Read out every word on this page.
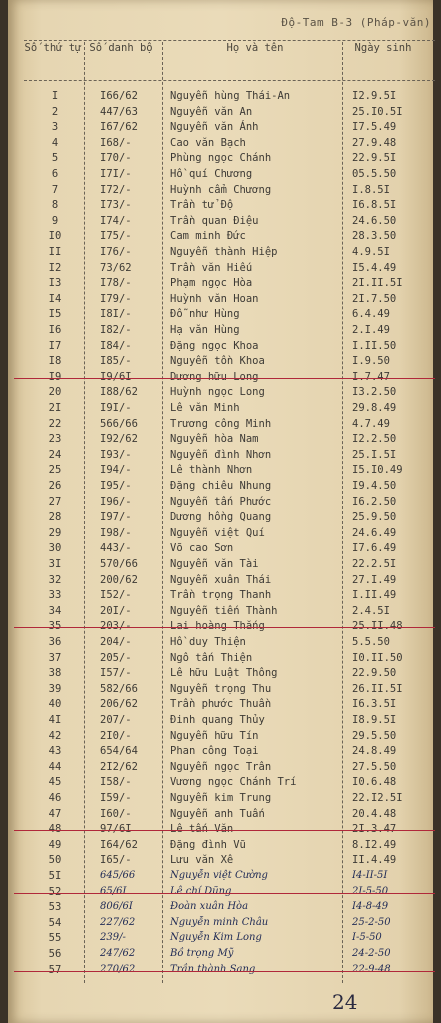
Độ-Tam B-3 (Pháp-văn)
Số thứ tự Số danh bộ	Họ và tên	Ngày sinh
I	I66/62	Nguyễn hùng Thái-An	I2.9.5I
2	447/63	Nguyễn văn An	25.I0.5I
3	I67/62	Nguyễn văn Ánh	I7.5.49
4	I68/-	Cao văn Bạch	27.9.48
5	I70/-	Phùng ngọc Chánh	22.9.5I
6	I7I/-	Hồ quí Chương	05.5.50
7	I72/-	Huỳnh cẩm Chương	I.8.5I
8	I73/-	Trần tử Độ	I6.8.5I
9	I74/-	Trần quan Điệu	24.6.50
I0	I75/-	Cam minh Đức	28.3.50
II	I76/-	Nguyễn thành Hiệp	4.9.5I
I2	73/62	Trần văn Hiếu	I5.4.49
I3	I78/-	Phạm ngọc Hòa	2I.II.5I
I4	I79/-	Huỳnh văn Hoan	2I.7.50
I5	I8I/-	Đỗ như Hùng	6.4.49
I6	I82/-	Hạ văn Hùng	2.I.49
I7	I84/-	Đặng ngọc Khoa	I.II.50
I8	I85/-	Nguyễn tồn Khoa	I.9.50
I9	I9/6I	Dương hữu Long	I.7.47
20	I88/62	Huỳnh ngọc Long	I3.2.50
2I	I9I/-	Lê văn Minh	29.8.49
22	566/66	Trương công Minh	4.7.49
23	I92/62	Nguyễn hòa Nam	I2.2.50
24	I93/-	Nguyễn đình Nhơn	25.I.5I
25	I94/-	Lê thành Nhơn	I5.I0.49
26	I95/-	Đặng chiêu Nhung	I9.4.50
27	I96/-	Nguyễn tấn Phước	I6.2.50
28	I97/-	Dương hồng Quang	25.9.50
29	I98/-	Nguyễn việt Quí	24.6.49
30	443/-	Võ cao Sơn	I7.6.49
3I	570/66	Nguyễn văn Tài	22.2.5I
32	200/62	Nguyễn xuân Thái	27.I.49
33	I52/-	Trần trọng Thanh	I.II.49
34	20I/-	Nguyễn tiến Thành	2.4.5I
35	203/-	Lai hoàng Thắng	25.II.48
36	204/-	Hồ duy Thiện	5.5.50
37	205/-	Ngô tấn Thiện	I0.II.50
38	I57/-	Lê hữu Luật Thông	22.9.50
39	582/66	Nguyễn trọng Thu	26.II.5I
40	206/62	Trần phước Thuần	I6.3.5I
4I	207/-	Đinh quang Thủy	I8.9.5I
42	2I0/-	Nguyễn hữu Tín	29.5.50
43	654/64	Phan công Toại	24.8.49
44	2I2/62	Nguyễn ngọc Trân	27.5.50
45	I58/-	Vương ngọc Chánh Trí	I0.6.48
46	I59/-	Nguyễn kim Trung	22.I2.5I
47	I60/-	Nguyễn anh Tuấn	20.4.48
48	97/6I	Lê tấn Văn	2I.3.47
49	I64/62	Đặng đình Vũ	8.I2.49
50	I65/-	Lưu văn Xê	II.4.49
5I	645/66	Nguyễn việt Cường	I4-II-5I
52	65/6I	Lê chí Dũng	2I-5-50
53	806/6I	Đoàn xuân Hòa	I4-8-49
54	227/62	Nguyễn minh Châu	25-2-50
55	239/-	Nguyễn Kim Long	I-5-50
56	247/62	Bồ trọng Mỹ	24-2-50
57	270/62	Trần thành Sang	22-9-48
24
